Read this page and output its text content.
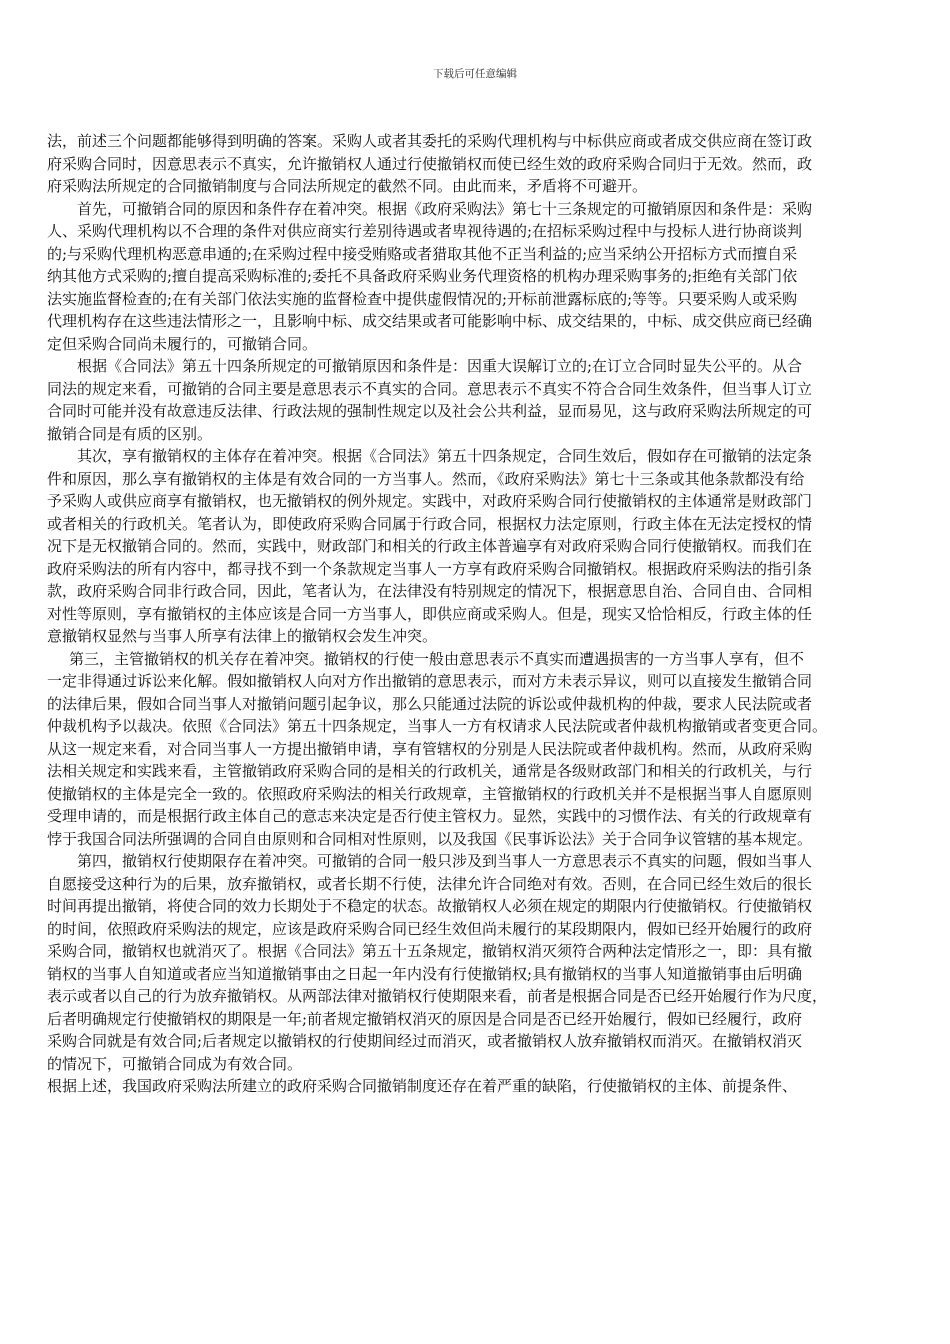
下载后可任意编辑
法，前述三个问题都能够得到明确的答案。采购人或者其委托的采购代理机构与中标供应商或者成交供应商在签订政
府采购合同时，因意思表示不真实，允许撤销权人通过行使撤销权而使已经生效的政府采购合同归于无效。然而，政
府采购法所规定的合同撤销制度与合同法所规定的截然不同。由此而来，矛盾将不可避开。
首先，可撤销合同的原因和条件存在着冲突。根据《政府采购法》第七十三条规定的可撤销原因和条件是：采购
人、采购代理机构以不合理的条件对供应商实行差别待遇或者卑视待遇的;在招标采购过程中与投标人进行协商谈判
的;与采购代理机构恶意串通的;在采购过程中接受贿赂或者猎取其他不正当利益的;应当采纳公开招标方式而擅自采
纳其他方式采购的;擅自提高采购标准的;委托不具备政府采购业务代理资格的机构办理采购事务的;拒绝有关部门依
法实施监督检查的;在有关部门依法实施的监督检查中提供虚假情况的;开标前泄露标底的;等等。只要采购人或采购
代理机构存在这些违法情形之一，且影响中标、成交结果或者可能影响中标、成交结果的，中标、成交供应商已经确
定但采购合同尚未履行的，可撤销合同。
根据《合同法》第五十四条所规定的可撤销原因和条件是：因重大误解订立的;在订立合同时显失公平的。从合
同法的规定来看，可撤销的合同主要是意思表示不真实的合同。意思表示不真实不符合合同生效条件，但当事人订立
合同时可能并没有故意违反法律、行政法规的强制性规定以及社会公共利益，显而易见，这与政府采购法所规定的可
撤销合同是有质的区别。
其次，享有撤销权的主体存在着冲突。根据《合同法》第五十四条规定，合同生效后，假如存在可撤销的法定条
件和原因，那么享有撤销权的主体是有效合同的一方当事人。然而，《政府采购法》第七十三条或其他条款都没有给
予采购人或供应商享有撤销权，也无撤销权的例外规定。实践中，对政府采购合同行使撤销权的主体通常是财政部门
或者相关的行政机关。笔者认为，即使政府采购合同属于行政合同，根据权力法定原则，行政主体在无法定授权的情
况下是无权撤销合同的。然而，实践中，财政部门和相关的行政主体普遍享有对政府采购合同行使撤销权。而我们在
政府采购法的所有内容中，都寻找不到一个条款规定当事人一方享有政府采购合同撤销权。根据政府采购法的指引条
款，政府采购合同非行政合同，因此，笔者认为，在法律没有特别规定的情况下，根据意思自治、合同自由、合同相
对性等原则，享有撤销权的主体应该是合同一方当事人，即供应商或采购人。但是，现实又恰恰相反，行政主体的任
意撤销权显然与当事人所享有法律上的撤销权会发生冲突。
第三，主管撤销权的机关存在着冲突。撤销权的行使一般由意思表示不真实而遭遇损害的一方当事人享有，但不
一定非得通过诉讼来化解。假如撤销权人向对方作出撤销的意思表示，而对方未表示异议，则可以直接发生撤销合同
的法律后果，假如合同当事人对撤销问题引起争议，那么只能通过法院的诉讼或仲裁机构的仲裁，要求人民法院或者
仲裁机构予以裁决。依照《合同法》第五十四条规定，当事人一方有权请求人民法院或者仲裁机构撤销或者变更合同。
从这一规定来看，对合同当事人一方提出撤销申请，享有管辖权的分别是人民法院或者仲裁机构。然而，从政府采购
法相关规定和实践来看，主管撤销政府采购合同的是相关的行政机关，通常是各级财政部门和相关的行政机关，与行
使撤销权的主体是完全一致的。依照政府采购法的相关行政规章，主管撤销权的行政机关并不是根据当事人自愿原则
受理申请的，而是根据行政主体自己的意志来决定是否行使主管权力。显然，实践中的习惯作法、有关的行政规章有
悖于我国合同法所强调的合同自由原则和合同相对性原则，以及我国《民事诉讼法》关于合同争议管辖的基本规定。
第四，撤销权行使期限存在着冲突。可撤销的合同一般只涉及到当事人一方意思表示不真实的问题，假如当事人
自愿接受这种行为的后果，放弃撤销权，或者长期不行使，法律允许合同绝对有效。否则，在合同已经生效后的很长
时间再提出撤销，将使合同的效力长期处于不稳定的状态。故撤销权人必须在规定的期限内行使撤销权。行使撤销权
的时间，依照政府采购法的规定，应该是政府采购合同已经生效但尚未履行的某段期限内，假如已经开始履行的政府
采购合同，撤销权也就消灭了。根据《合同法》第五十五条规定，撤销权消灭须符合两种法定情形之一，即：具有撤
销权的当事人自知道或者应当知道撤销事由之日起一年内没有行使撤销权;具有撤销权的当事人知道撤销事由后明确
表示或者以自己的行为放弃撤销权。从两部法律对撤销权行使期限来看，前者是根据合同是否已经开始履行作为尺度，
后者明确规定行使撤销权的期限是一年;前者规定撤销权消灭的原因是合同是否已经开始履行，假如已经履行，政府
采购合同就是有效合同;后者规定以撤销权的行使期间经过而消灭，或者撤销权人放弃撤销权而消灭。在撤销权消灭
的情况下，可撤销合同成为有效合同。
根据上述，我国政府采购法所建立的政府采购合同撤销制度还存在着严重的缺陷，行使撤销权的主体、前提条件、
